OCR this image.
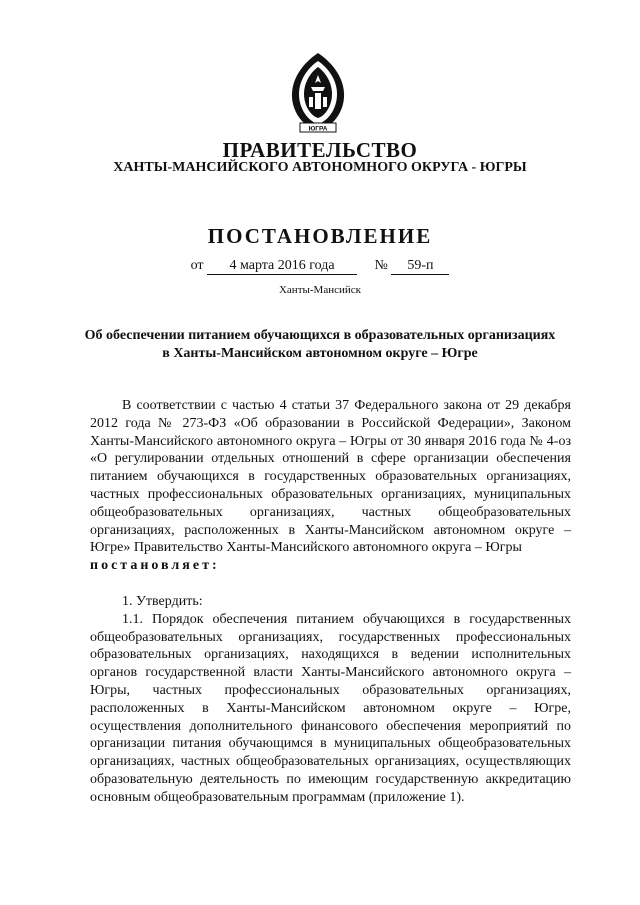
ЮГРА
ПРАВИТЕЛЬСТВО
ХАНТЫ-МАНСИЙСКОГО АВТОНОМНОГО ОКРУГА - ЮГРЫ
ПОСТАНОВЛЕНИЕ
от 4 марта 2016 года	№ 59-п
Ханты-Мансийск
Об обеспечении питанием обучающихся в образовательных организациях в Ханты-Мансийском автономном округе – Югре

В соответствии с частью 4 статьи 37 Федерального закона от 29 декабря 2012 года № 273-ФЗ «Об образовании в Российской Федерации», Законом Ханты-Мансийского автономного округа – Югры от 30 января 2016 года № 4-оз «О регулировании отдельных отношений в сфере организации обеспечения питанием обучающихся в государственных образовательных организациях, частных профессиональных образовательных организациях, муниципальных общеобразовательных организациях, частных общеобразовательных организациях, расположенных в Ханты-Мансийском автономном округе – Югре» Правительство Ханты-Мансийского автономного округа – Югры

постановляет:

1. Утвердить:

1.1. Порядок обеспечения питанием обучающихся в государственных общеобразовательных организациях, государственных профессиональных образовательных организациях, находящихся в ведении исполнительных органов государственной власти Ханты-Мансийского автономного округа – Югры, частных профессиональных образовательных организациях, расположенных в Ханты-Мансийском автономном округе – Югре, осуществления дополнительного финансового обеспечения мероприятий по организации питания обучающимся в муниципальных общеобразовательных организациях, частных общеобразовательных организациях, осуществляющих образовательную деятельность по имеющим государственную аккредитацию основным общеобразовательным программам (приложение 1).
